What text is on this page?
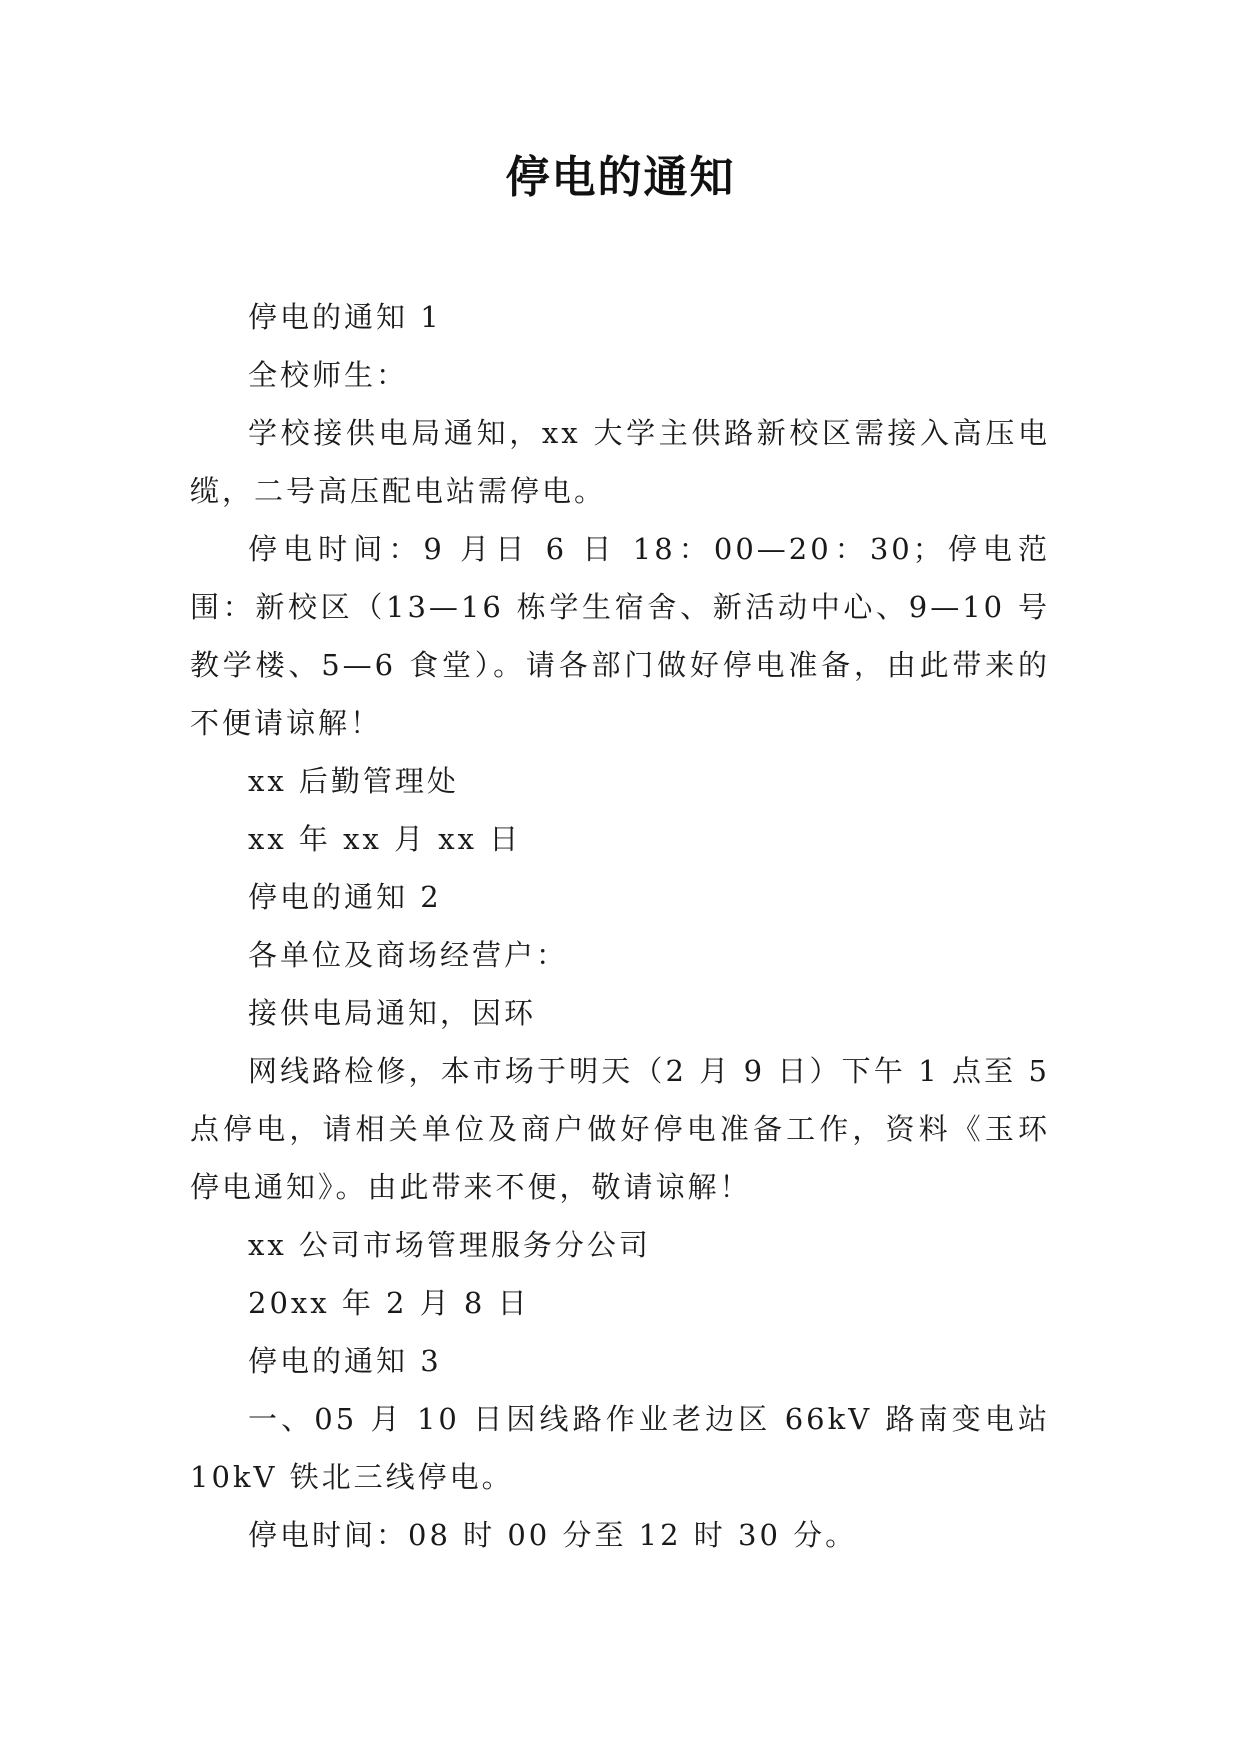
停电的通知

停电的通知 1

全校师生：

学校接供电局通知，xx 大学主供路新校区需接入高压电缆，二号高压配电站需停电。

停电时间：9 月日 6 日 18：00—20：30；停电范围：新校区（13—16 栋学生宿舍、新活动中心、9—10 号教学楼、5—6 食堂）。请各部门做好停电准备，由此带来的不便请谅解！

xx 后勤管理处

xx 年 xx 月 xx 日

停电的通知 2

各单位及商场经营户：

接供电局通知，因环

网线路检修，本市场于明天（2 月 9 日）下午 1 点至 5 点停电，请相关单位及商户做好停电准备工作，资料《玉环停电通知》。由此带来不便，敬请谅解！

xx 公司市场管理服务分公司

20xx 年 2 月 8 日

停电的通知 3

一、05 月 10 日因线路作业老边区 66kV 路南变电站 10kV 铁北三线停电。

停电时间：08 时 00 分至 12 时 30 分。
